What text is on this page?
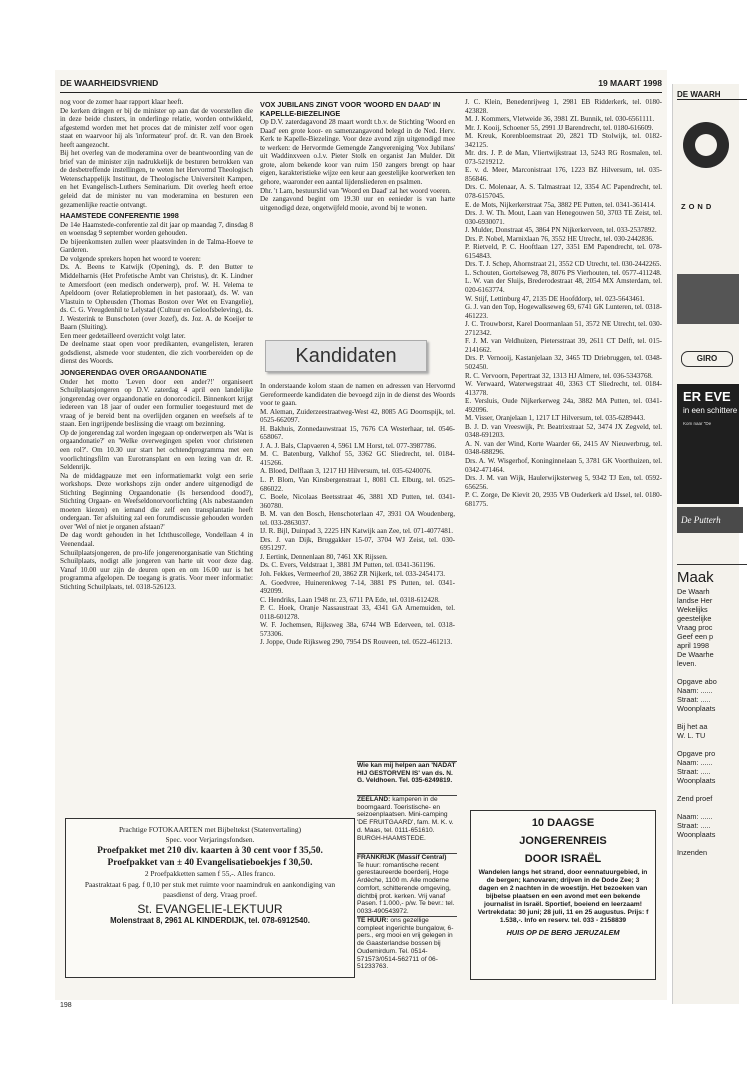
DE WAARHEIDSVRIEND	19 MAART 1998

nog voor de zomer haar rapport klaar heeft.

De kerken dringen er bij de minister op aan dat de voorstellen die in deze beide clusters, in onderlinge relatie, worden ontwikkeld, afgestemd worden met het proces dat de minister zelf voor ogen staat en waarvoor hij als 'informateur' prof. dr. R. van den Broek heeft aangezocht.

Bij het overleg van de moderamina over de beantwoording van de brief van de minister zijn nadrukkelijk de besturen betrokken van de desbetreffende instellingen, te weten het Hervormd Theologisch Wetenschappelijk Instituut, de Theologische Universiteit Kampen, en het Evangelisch-Luthers Seminarium. Dit overleg heeft ertoe geleid dat de minister nu van moderamina en besturen een gezamenlijke reactie ontvangt.

HAAMSTEDE CONFERENTIE 1998

De 14e Haamstede-conferentie zal dit jaar op maandag 7, dinsdag 8 en woensdag 9 september worden gehouden.

De bijeenkomsten zullen weer plaatsvinden in de Talma-Hoeve te Garderen.

De volgende sprekers hopen het woord te voeren:

Ds. A. Beens te Katwijk (Opening), ds. P. den Butter te Middelharnis (Het Profetische Ambt van Christus), dr. K. Lindner te Amersfoort (een medisch onderwerp), prof. W. H. Velema te Apeldoorn (over Relatieproblemen in het pastoraat), ds. W. van Vlastuin te Opheusden (Thomas Boston over Wet en Evangelie), ds. C. G. Vreugdenhil te Lelystad (Cultuur en Geloofsbeleving), ds. J. Westerink te Bunschoten (over Jozef), ds. Joz. A. de Koeijer te Baarn (Sluiting).

Een meer gedetailleerd overzicht volgt later.

De deelname staat open voor predikanten, evangelisten, leraren godsdienst, alsmede voor studenten, die zich voorbereiden op de dienst des Woords.

JONGERENDAG OVER ORGAANDONATIE

Onder het motto 'Leven door een ander?!' organiseert Schuilplaatsjongeren op D.V. zaterdag 4 april een landelijke jongerendag over orgaandonatie en donorcodicil. Binnenkort krijgt iedereen van 18 jaar of ouder een formulier toegestuurd met de vraag of je bereid bent na overlijden organen en weefsels af te staan. Een ingrijpende beslissing die vraagt om bezinning.

Op de jongerendag zal worden ingegaan op onderwerpen als 'Wat is orgaandonatie?' en 'Welke overwegingen spelen voor christenen een rol?'. Om 10.30 uur start het ochtendprogramma met een voorlichtingsfilm van Eurotransplant en een lezing van dr. R. Seldenrijk.

Na de middagpauze met een informatiemarkt volgt een serie workshops. Deze workshops zijn onder andere uitgenodigd de Stichting Beginning Orgaandonatie (Is hersendood dood?), Stichting Orgaan- en Weefseldonorvoorlichting (Als nabestaanden moeten kiezen) en iemand die zelf een transplantatie heeft ondergaan. Ter afsluiting zal een forumdiscussie gehouden worden over 'Wel of niet je organen afstaan?'

De dag wordt gehouden in het Ichthuscollege, Vondellaan 4 in Veenendaal.

Schuilplaatsjongeren, de pro-life jongerenorganisatie van Stichting Schuilplaats, nodigt alle jongeren van harte uit voor deze dag. Vanaf 10.00 uur zijn de deuren open en om 16.00 uur is het programma afgelopen. De toegang is gratis. Voor meer informatie: Stichting Schuilplaats, tel. 0318-526123.

VOX JUBILANS ZINGT VOOR 'WOORD EN DAAD' IN KAPELLE-BIEZELINGE

Op D.V. zaterdagavond 28 maart wordt t.b.v. de Stichting 'Woord en Daad' een grote koor- en samenzangavond belegd in de Ned. Herv. Kerk te Kapelle-Biezelinge. Voor deze avond zijn uitgenodigd mee te werken: de Hervormde Gemengde Zangvereniging 'Vox Jubilans' uit Waddinxveen o.l.v. Pieter Stolk en organist Jan Mulder. Dit grote, alom bekende koor van ruim 150 zangers brengt op haar eigen, karakteristieke wijze een keur aan geestelijke koorwerken ten gehore, waaronder een aantal lijdensliederen en psalmen.

Dhr. 't Lam, bestuurslid van 'Woord en Daad' zal het woord voeren.

De zangavond begint om 19.30 uur en eenieder is van harte uitgenodigd deze, ongetwijfeld mooie, avond bij te wonen.

Kandidaten

In onderstaande kolom staan de namen en adressen van Hervormd Gereformeerde kandidaten die bevoegd zijn in de dienst des Woords voor te gaan.

M. Aleman, Zuiderzeestraatweg-West 42, 8085 AG Doornspijk, tel. 0525-662097.

H. Bakhuis, Zonnedauwstraat 15, 7676 CA Westerhaar, tel. 0546-658067.

J. A. J. Bals, Clapvaeren 4, 5961 LM Horst, tel. 077-3987786.

M. C. Batenburg, Valkhof 55, 3362 GC Sliedrecht, tel. 0184-415266.

A. Bloed, Delflaan 3, 1217 HJ Hilversum, tel. 035-6240076.

L. P. Blom, Van Kinsbergenstraat 1, 8081 CL Elburg, tel. 0525-686022.

C. Boele, Nicolaas Beetsstraat 46, 3881 XD Putten, tel. 0341-360780.

B. M. van den Bosch, Henschoterlaan 47, 3931 OA Woudenberg, tel. 033-2863037.

IJ. R. Bijl, Duinpad 3, 2225 HN Katwijk aan Zee, tel. 071-4077481.

Drs. J. van Dijk, Bruggakker 15-07, 3704 WJ Zeist, tel. 030-6951297.

J. Eertink, Dennenlaan 80, 7461 XK Rijssen.

Ds. C. Evers, Veldstraat 1, 3881 JM Putten, tel. 0341-361196.

Joh. Fekkes, Vermeerhof 20, 3862 ZR Nijkerk, tel. 033-2454173.

A. Goedvree, Huinerenkweg 7-14, 3881 PS Putten, tel. 0341-492099.

C. Hendriks, Laan 1948 nr. 23, 6711 PA Ede, tel. 0318-612428.

P. C. Hoek, Oranje Nassaustraat 33, 4341 GA Arnemuiden, tel. 0118-601278.

W. F. Jochemsen, Rijksweg 38a, 6744 WB Ederveen, tel. 0318-573306.

J. Joppe, Oude Rijksweg 290, 7954 DS Rouveen, tel. 0522-461213.

J. C. Klein, Benedenrijweg 1, 2981 EB Ridderkerk, tel. 0180-423828.

M. J. Kommers, Vletweide 36, 3981 ZL Bunnik, tel. 030-6561111.

Mr. J. Kooij, Schoener 55, 2991 JJ Barendrecht, tel. 0180-616609.

M. Kreuk, Korenbloemstraat 20, 2821 TD Stolwijk, tel. 0182-342125.

Mr. drs. J. P. de Man, Vliertwijkstraat 13, 5243 RG Rosmalen, tel. 073-5219212.

E. v. d. Meer, Marconistraat 176, 1223 BZ Hilversum, tel. 035-856846.

Drs. C. Molenaar, A. S. Talmastraat 12, 3354 AC Papendrecht, tel. 078-6157045.

E. de Mots, Nijkerkerstraat 75a, 3882 PE Putten, tel. 0341-361414.

Drs. J. W. Th. Mout, Laan van Henegouwen 50, 3703 TE Zeist, tel. 030-6930071.

J. Mulder, Donstraat 45, 3864 PN Nijkerkerveen, tel. 033-2537892.

Drs. P. Nobel, Marnixlaan 76, 3552 HE Utrecht, tel. 030-2442836.

P. Rietveld, P. C. Hooftlaan 127, 3351 EM Papendrecht, tel. 078-6154843.

Drs. T. J. Schep, Ahornstraat 21, 3552 CD Utrecht, tel. 030-2442265.

L. Schouten, Gortelseweg 78, 8076 PS Vierhouten, tel. 0577-411248.

L. W. van der Sluijs, Brederodestraat 48, 2054 MX Amsterdam, tel. 020-6163774.

W. Stijf, Lettinburg 47, 2135 DE Hoofddorp, tel. 023-5643461.

G. J. van den Top, Hogewalkseweg 69, 6741 GK Lunteren, tel. 0318-461223.

J. C. Trouwborst, Karel Doormanlaan 51, 3572 NE Utrecht, tel. 030-2712342.

F. J. M. van Veldhuizen, Pietersstraat 39, 2611 CT Delft, tel. 015-2141662.

Drs. P. Vernooij, Kastanjelaan 32, 3465 TD Driebruggen, tel. 0348-502450.

R. C. Vervoorn, Pepertraat 32, 1313 HJ Almere, tel. 036-5343768.

W. Verwaard, Waterwegstraat 40, 3363 CT Sliedrecht, tel. 0184-413778.

E. Versluis, Oude Nijkerkerweg 24a, 3882 MA Putten, tel. 0341-492096.

M. Visser, Oranjelaan 1, 1217 LT Hilversum, tel. 035-6289443.

B. J. D. van Vreeswijk, Pr. Beatrixstraat 52, 3474 JX Zegveld, tel. 0348-691203.

A. N. van der Wind, Korte Waarder 66, 2415 AV Nieuwerbrug, tel. 0348-688296.

Drs. A. W. Wisgerhof, Koninginnelaan 5, 3781 GK Voorthuizen, tel. 0342-471464.

Drs. J. M. van Wijk, Haulerwijksterweg 5, 9342 TJ Een, tel. 0592-656256.

P. C. Zorge, De Kievit 20, 2935 VB Ouderkerk a/d IJssel, tel. 0180-681775.

Wie kan mij helpen aan 'NADAT HIJ GESTORVEN IS' van ds. N. G. Veldhoen. Tel. 035-6249819.

ZEELAND: kamperen in de boomgaard. Toeristische- en seizoenplaatsen. Mini-camping 'DE FRUITGAARD', fam. M. K. v. d. Maas, tel. 0111-651610. BURGH-HAAMSTEDE.

FRANKRIJK (Massif Central)

Te huur: romantische recent gerestaureerde boerderij, Hoge Ardèche, 1100 m. Alle moderne comfort, schitterende omgeving, dichtbij prot. kerken. Vrij vanaf Pasen. f 1.000,- p/w. Te bevr.: tel. 0033-490543972.

TE HUUR: ons gezellige compleet ingerichte bungalow, 6-pers., erg mooi en vrij gelegen in de Gaasterlandse bossen bij Oudemirdum. Tel. 0514-571573/0514-562711 of 06-51233763.

10 DAAGSE
JONGERENREIS
DOOR ISRAËL
Wandelen langs het strand, door eennatuurgebied, in de bergen; kanovaren; drijven in de Dode Zee; 3 dagen en 2 nachten in de woestijn. Het bezoeken van bijbelse plaatsen en een avond met een bekende journalist in Israël. Sportief, boeiend en leerzaam! Vertrekdata: 30 juni; 28 juli, 11 en 25 augustus. Prijs: f 1.538,-. Info en reserv. tel. 033 - 2158839
HUIS OP DE BERG JERUZALEM
Prachtige FOTOKAARTEN met Bijbeltekst (Statenvertaling)
Spec. voor Verjaringsfondsen.
Proefpakket met 210 div. kaarten à 30 cent voor f 35,50.
Proefpakket van ± 40 Evangelisatieboekjes f 30,50.
2 Proefpakketten samen f 55,-. Alles franco.
Paastraktaat 6 pag. f 0,10 per stuk met ruimte voor naamindruk en aankondiging van paasdienst of derg. Vraag proef.
St. EVANGELIE-LEKTUUR
Molenstraat 8, 2961 AL KINDERDIJK, tel. 078-6912540.
198
DE WAARH
ZOND
GIRO
ER EVE
in een schittere
Kom naar "De
De Putterh
Maak

De Waarh

landse Her

Wekelijks

geestelijke

Vraag proc

Geef een p

april 1998

De Waarhe

leven.

Opgave abo

Naam: ......

Straat: .....

Woonplaats

Bij het aa

W. L. TU

Opgave pro

Naam: ......

Straat: .....

Woonplaats

Zend proef

Naam: ......

Straat: .....

Woonplaats

Inzenden
